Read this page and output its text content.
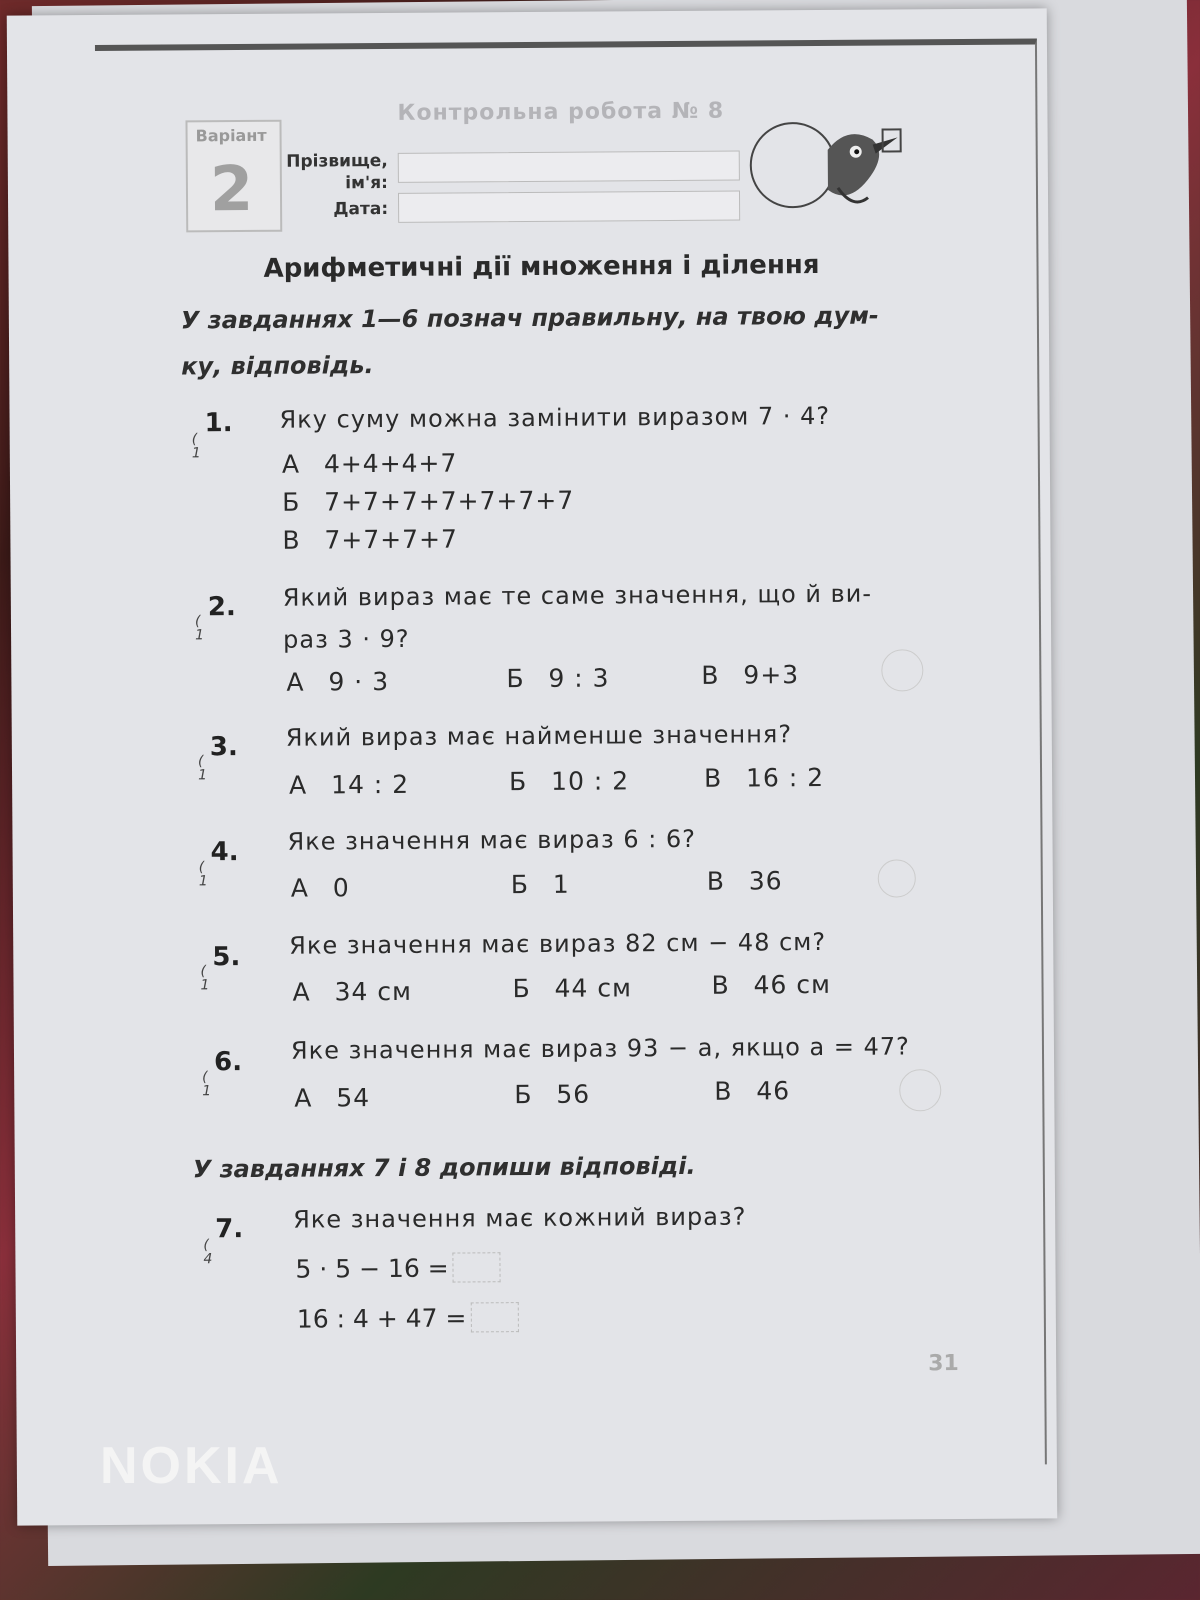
Варіант
2
Контрольна робота № 8
Прізвище,
ім'я:
Дата:
Арифметичні дії множення і ділення
У завданнях 1—6 познач правильну, на твою дум-
ку, відповідь.
1.
(
1
Яку суму можна замінити виразом 7 · 4?
А 4+4+4+7
Б 7+7+7+7+7+7+7
В 7+7+7+7
2.
(
1
Який вираз має те саме значення, що й ви-
раз 3 · 9?
А 9 · 3	Б 9 : 3	В 9+3
3.
(
1
Який вираз має найменше значення?
А 14 : 2	Б 10 : 2	В 16 : 2
4.
(
1
Яке значення має вираз 6 : 6?
А 0	Б 1	В 36
5.
(
1
Яке значення має вираз 82 см − 48 см?
А 34 см	Б 44 см	В 46 см
6.
(
1
Яке значення має вираз 93 − а, якщо а = 47?
А 54	Б 56	В 46
У завданнях 7 і 8 допиши відповіді.
7.
(
4
Яке значення має кожний вираз?
5 · 5 − 16 =
16 : 4 + 47 =
31
NOKIA
